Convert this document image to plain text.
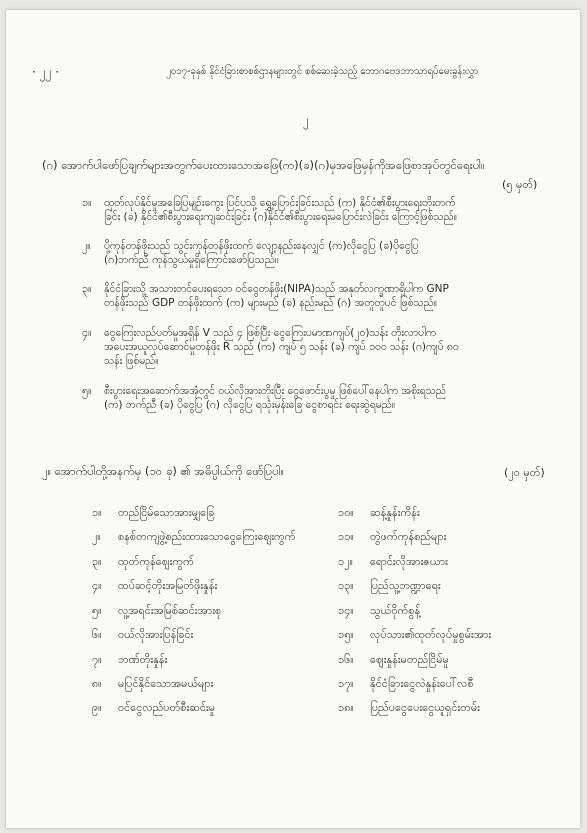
· ၂၂ ·	၂၀၁၇-ခုနှစ် နိုင်ငံခြားစာစစ်ဌာနများတွင် စစ်ဆေးခဲ့သည့် ဘောဂဗေဒဘာသာရပ်မေးခွန်းလွှာ
၂
(ဂ) အောက်ပါဖော်ပြချက်များအတွက်ပေးထားသောအဖြေ(က)(ခ)(ဂ)မှအဖြေမှန်ကိုအဖြေစာအုပ်တွင်ရေးပါ။
(၅ မှတ်)
၁။ ထုတ်လုပ်နိုင်မှုအခြေပြမျဉ်းကွေး ပြင်ပသို့ ရွှေ့ပြောင်းခြင်းသည် (က) နိုင်ငံ၏စီးပွားရေးတိုးတက်
ခြင်း (ခ) နိုင်ငံ၏စီးပွားရေးကျဆင်းခြင်း (ဂ)နိုင်ငံ၏စီးပွားရေးမပြောင်းလဲခြင်း ကြောင့်ဖြစ်သည်။
၂။ ပို့ကုန်တန်ဖိုးသည် သွင်းကုန်တန်ဖိုးထက် လျော့နည်းနေလျှင် (က)လိုငွေပြ (ခ)ပိုငွေပြ
(ဂ)ဘက်ညီ ကုန်သွယ်မှုရှိကြောင်းဖော်ပြသည်။
၃။ နိုင်ငံခြားသို့ အသားတင်ပေးရသော ဝင်ငွေတန်ဖိုး(NIPA)သည် အနုတ်လက္ခဏာရှိပါက GNP
တန်ဖိုးသည် GDP တန်ဖိုးထက် (က) များမည် (ခ) နည်းမည် (ဂ) အတူတူပင် ဖြစ်သည်။
၄။ ငွေကြေးလည်ပတ်မှုအရှိန် V သည် ၄ ဖြစ်ပြီး ငွေကြေးပမာဏကျပ်(၂၀)သန်း တိုးလာပါက
အပေးအယူလုပ်ဆောင်မှုတန်ဖိုး R သည် (က) ကျပ် ၅ သန်း (ခ) ကျပ် ၁၀၀ သန်း (ဂ)ကျပ် ၈၀
သန်း ဖြစ်မည်။
၅။ စီးပွားရေးအဆောက်အအုံတွင် ဝယ်လိုအားတိုးပြီး ငွေဖောင်းပွမှု ဖြစ်ပေါ်နေပါက အစိုးရသည်
(က) ဘက်ညီ (ခ) ပိုငွေပြ (ဂ) လိုငွေပြ ရသုံးမှန်းခြေ ငွေစာရင်း ရေးဆွဲရမည်။
၂။ အောက်ပါတို့အနက်မှ (၁၀ ခု) ၏ အဓိပ္ပါယ်ကို ဖော်ပြပါ။	(၂၀ မှတ်)
၁။ တည်ငြိမ်သောအားမျှခြေ
၂။ စနစ်တကျဖွဲ့စည်းထားသောငွေကြေးဈေးကွက်
၃။ ထုတ်ကုန်ဈေးကွက်
၄။ ထပ်ဆင့်တိုးအမြတ်ဖိုးနှုန်း
၅။ လူ့အရင်းအမြစ်ဆင်းအားစု
၆။ ဝယ်လိုအားပြန်ခြင်း
၇။ ဘဏ်တိုးနှုန်း
၈။ မပြင်နိုင်သောအမယ်များ
၉။ ဝင်ငွေလည်ပတ်စီးဆင်းမှု
၁၀။ ဆန့်နှုန်းကိန်း
၁၁။ တွဲဖက်ကုန်စည်များ
၁၂။ ရောင်းလိုအားဇယား
၁၃။ ပြည်သူ့ဘဏ္ဍာရေး
၁၄။ သွယ်ဝိုက်စွန့်
၁၅။ လုပ်သား၏ထုတ်လုပ်မှုစွမ်းအား
၁၆။ ဈေးနှုန်းမတည်ငြိမ်မှု
၁၇။ နိုင်ငံခြားငွေလဲနှုန်းပေါ်လစီ
၁၈။ ပြည်ပငွေပေးငွေယူရှင်းတမ်း
